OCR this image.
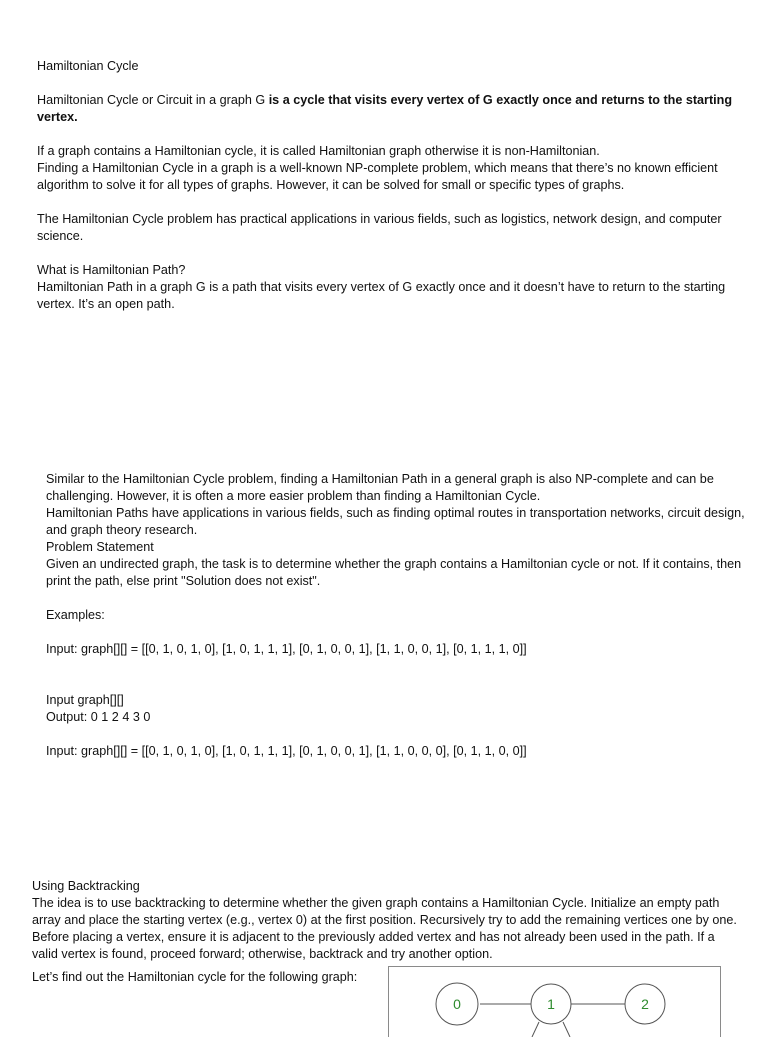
Hamiltonian Cycle

Hamiltonian Cycle or Circuit in a graph G is a cycle that visits every vertex of G exactly once and returns to the starting vertex.

If a graph contains a Hamiltonian cycle, it is called Hamiltonian graph otherwise it is non-Hamiltonian.

Finding a Hamiltonian Cycle in a graph is a well-known NP-complete problem, which means that there’s no known efficient algorithm to solve it for all types of graphs. However, it can be solved for small or specific types of graphs.

The Hamiltonian Cycle problem has practical applications in various fields, such as logistics, network design, and computer science.

What is Hamiltonian Path?

Hamiltonian Path in a graph G is a path that visits every vertex of G exactly once and it doesn’t have to return to the starting vertex. It’s an open path.

Similar to the Hamiltonian Cycle problem, finding a Hamiltonian Path in a general graph is also NP-complete and can be challenging. However, it is often a more easier problem than finding a Hamiltonian Cycle.

Hamiltonian Paths have applications in various fields, such as finding optimal routes in transportation networks, circuit design, and graph theory research.

Problem Statement

Given an undirected graph, the task is to determine whether the graph contains a Hamiltonian cycle or not. If it contains, then print the path, else print "Solution does not exist".

Examples:

Input: graph[][] = [[0, 1, 0, 1, 0], [1, 0, 1, 1, 1], [0, 1, 0, 0, 1], [1, 1, 0, 0, 1], [0, 1, 1, 1, 0]]

Input graph[][]

Output: 0 1 2 4 3 0

Input: graph[][] = [[0, 1, 0, 1, 0], [1, 0, 1, 1, 1], [0, 1, 0, 0, 1], [1, 1, 0, 0, 0], [0, 1, 1, 0, 0]]

Using Backtracking

The idea is to use backtracking to determine whether the given graph contains a Hamiltonian Cycle. Initialize an empty path array and place the starting vertex (e.g., vertex 0) at the first position. Recursively try to add the remaining vertices one by one. Before placing a vertex, ensure it is adjacent to the previously added vertex and has not already been used in the path. If a valid vertex is found, proceed forward; otherwise, backtrack and try another option.

Let’s find out the Hamiltonian cycle for the following graph:

0	1	2
